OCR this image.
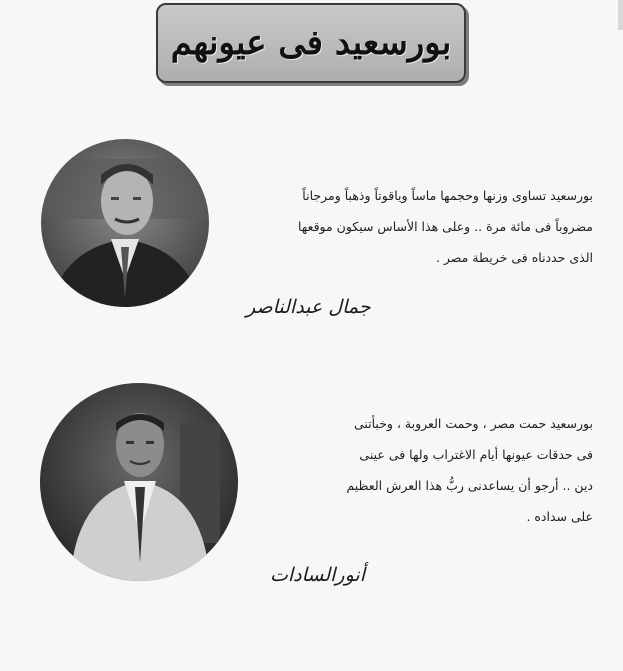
بورسعيد فى عيونهم

بورسعيد تساوى وزنها وحجمها ماساً وياقوتاً وذهباً ومرجاناً

مضروباً فى مائة مرة .. وعلى هذا الأساس سيكون موقعها

الذى حددناه فى خريطة مصر .

جمال عبدالناصر

بورسعيد حمت مصر ، وحمت العروبة ، وخبأتنى

فى حدقات عيونها أيام الاغتراب ولها فى عينى

دين .. أرجو أن يساعدنى ربُّ هذا العرش العظيم

على سداده .

أنورالسادات
